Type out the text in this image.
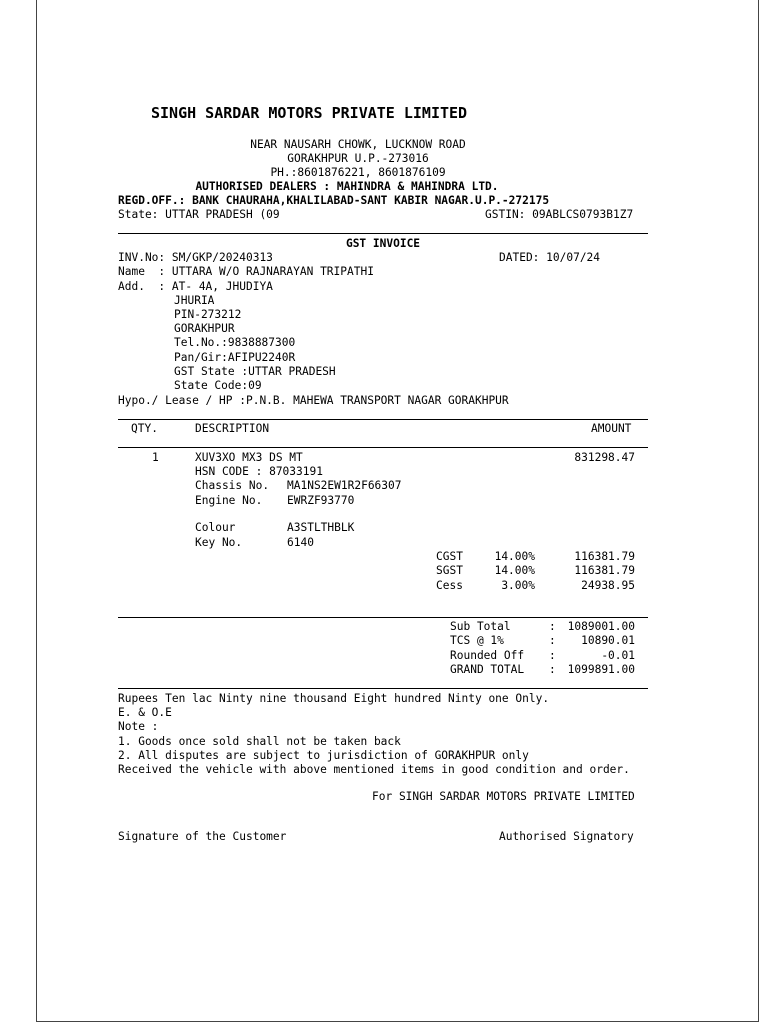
SINGH SARDAR MOTORS PRIVATE LIMITED
NEAR NAUSARH CHOWK, LUCKNOW ROAD
GORAKHPUR U.P.-273016
PH.:8601876221, 8601876109
AUTHORISED DEALERS : MAHINDRA & MAHINDRA LTD.
REGD.OFF.: BANK CHAURAHA,KHALILABAD-SANT KABIR NAGAR.U.P.-272175
State: UTTAR PRADESH (09	GSTIN: 09ABLCS0793B1Z7
GST INVOICE
INV.No: SM/GKP/20240313	DATED: 10/07/24
Name  : UTTARA W/O RAJNARAYAN TRIPATHI
Add.  : AT- 4A, JHUDIYA
JHURIA
PIN-273212
GORAKHPUR
Tel.No.:9838887300
Pan/Gir:AFIPU2240R
GST State :UTTAR PRADESH
State Code:09
Hypo./ Lease / HP :P.N.B. MAHEWA TRANSPORT NAGAR GORAKHPUR
QTY.	DESCRIPTION	AMOUNT
1	XUV3XO MX3 DS MT	831298.47
HSN CODE : 87033191
Chassis No. MA1NS2EW1R2F66307
Engine No. EWRZF93770
Colour	A3STLTHBLK
Key No.	6140
CGST	14.00%	116381.79
SGST	14.00%	116381.79
Cess	3.00%	24938.95
Sub Total	:	1089001.00
TCS @ 1%	:	10890.01
Rounded Off :	-0.01
GRAND TOTAL :	1099891.00
Rupees Ten lac Ninty nine thousand Eight hundred Ninty one Only.
E. & O.E
Note :
1. Goods once sold shall not be taken back
2. All disputes are subject to jurisdiction of GORAKHPUR only
Received the vehicle with above mentioned items in good condition and order.
For SINGH SARDAR MOTORS PRIVATE LIMITED
Signature of the Customer	Authorised Signatory
